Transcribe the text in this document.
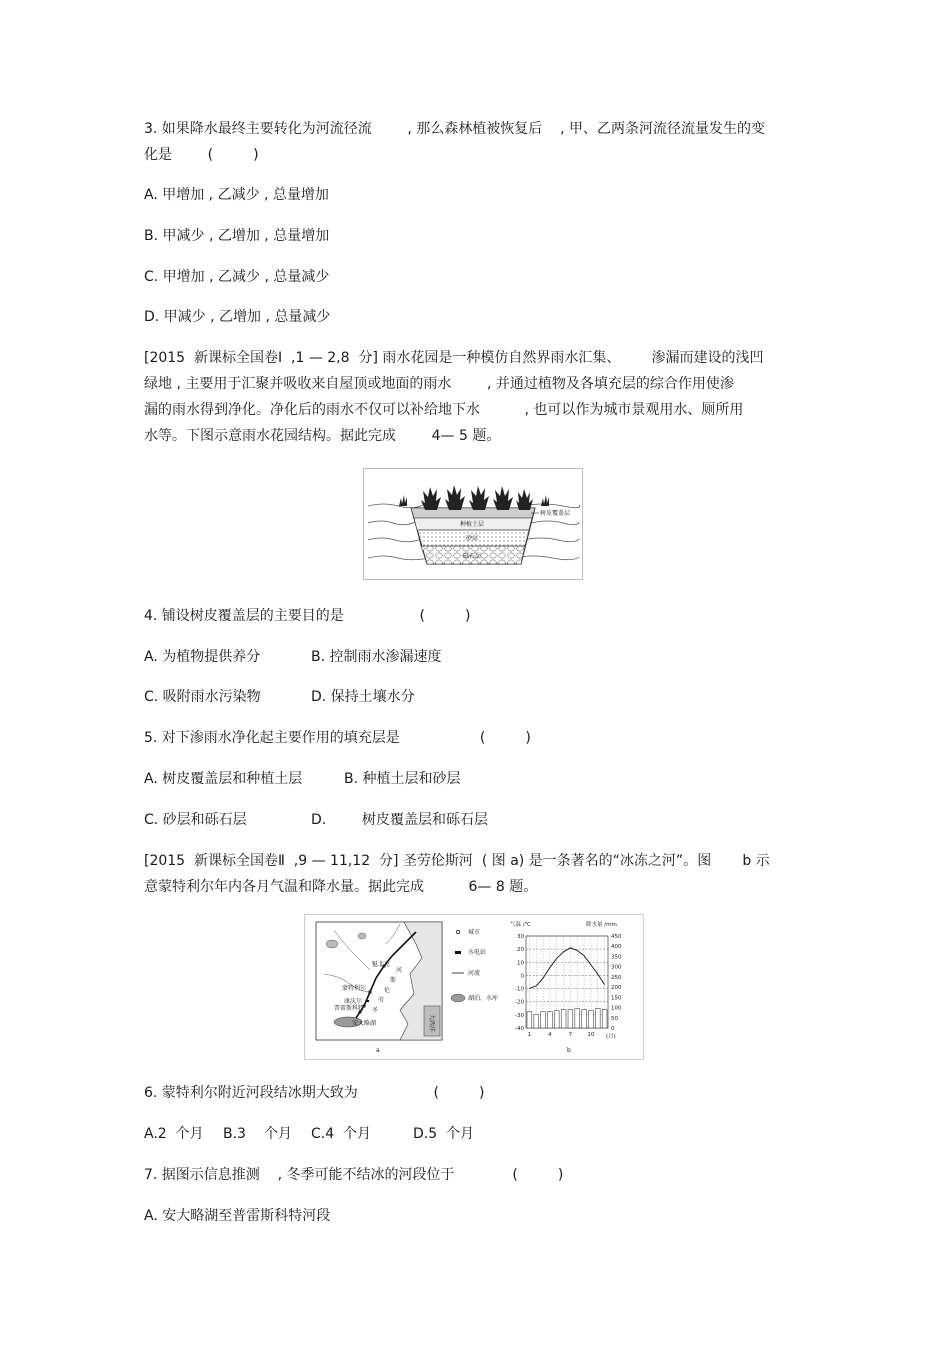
3. 如果降水最终主要转化为河流径流        , 那么森林植被恢复后    , 甲、乙两条河流径流量发生的变
化是        (         )
A. 甲增加 , 乙减少 , 总量增加
B. 甲减少 , 乙增加 , 总量增加
C. 甲增加 , 乙减少 , 总量减少
D. 甲减少 , 乙增加 , 总量减少
[2015  新课标全国卷Ⅰ  ,1 — 2,8  分] 雨水花园是一种模仿自然界雨水汇集、       渗漏而建设的浅凹
绿地 , 主要用于汇聚并吸收来自屋顶或地面的雨水        , 并通过植物及各填充层的综合作用使渗
漏的雨水得到净化。净化后的雨水不仅可以补给地下水          , 也可以作为城市景观用水、厕所用
水等。下图示意雨水花园结构。据此完成        4— 5 题。
树皮覆盖层
种植土层
砂层
砾石层
4. 铺设树皮覆盖层的主要目的是                 (         )
A. 为植物提供养分	B. 控制雨水渗漏速度
C. 吸附雨水污染物	D. 保持土壤水分
5. 对下渗雨水净化起主要作用的填充层是                  (         )
A. 树皮覆盖层和种植土层	B. 种植土层和砂层
C. 砂层和砾石层	D.	树皮覆盖层和砾石层
[2015  新课标全国卷Ⅱ  ,9 — 11,12  分] 圣劳伦斯河  ( 图 a) 是一条著名的“冰冻之河”。图       b 示
意蒙特利尔年内各月气温和降水量。据此完成          6— 8 题。
大西洋
魁北克
蒙特利尔
康沃尔
普雷斯科特
安大略湖
河
斯
伦
劳
圣
a
城市
水电站
河流
湖泊、水库
气温 /℃	降水量 /mm
(月)
b
30
20
10
0
-10
-20
-30
-40
450
400
350
300
250
200
150
100
50
0
1	4	7	10
6. 蒙特利尔附近河段结冰期大致为                 (         )
A.2  个月 B.3 个月 C.4  个月	D.5  个月
7. 据图示信息推测    , 冬季可能不结冰的河段位于             (         )
A. 安大略湖至普雷斯科特河段
